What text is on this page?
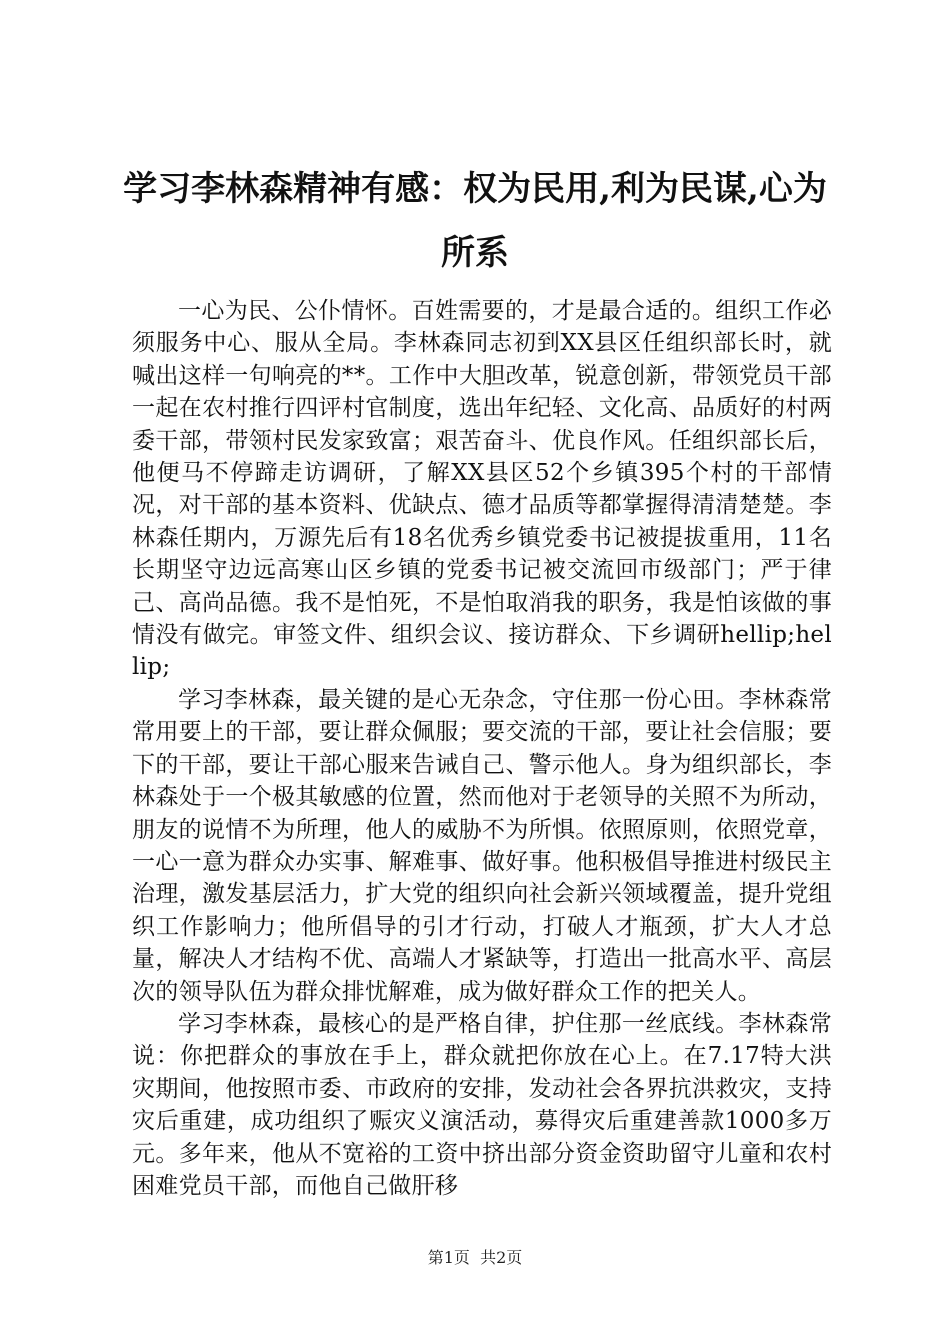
学习李林森精神有感：权为民用,利为民谋,心为所系

一心为民、公仆情怀。百姓需要的，才是最合适的。组织工作必须服务中心、服从全局。李林森同志初到XX县区任组织部长时，就喊出这样一句响亮的**。工作中大胆改革，锐意创新，带领党员干部一起在农村推行四评村官制度，选出年纪轻、文化高、品质好的村两委干部，带领村民发家致富；艰苦奋斗、优良作风。任组织部长后，他便马不停蹄走访调研，了解XX县区52个乡镇395个村的干部情况，对干部的基本资料、优缺点、德才品质等都掌握得清清楚楚。李林森任期内，万源先后有18名优秀乡镇党委书记被提拔重用，11名长期坚守边远高寒山区乡镇的党委书记被交流回市级部门；严于律己、高尚品德。我不是怕死，不是怕取消我的职务，我是怕该做的事情没有做完。审签文件、组织会议、接访群众、下乡调研hellip;hellip;

学习李林森，最关键的是心无杂念，守住那一份心田。李林森常常用要上的干部，要让群众佩服；要交流的干部，要让社会信服；要下的干部，要让干部心服来告诫自己、警示他人。身为组织部长，李林森处于一个极其敏感的位置，然而他对于老领导的关照不为所动，朋友的说情不为所理，他人的威胁不为所惧。依照原则，依照党章，一心一意为群众办实事、解难事、做好事。他积极倡导推进村级民主治理，激发基层活力，扩大党的组织向社会新兴领域覆盖，提升党组织工作影响力；他所倡导的引才行动，打破人才瓶颈，扩大人才总量，解决人才结构不优、高端人才紧缺等，打造出一批高水平、高层次的领导队伍为群众排忧解难，成为做好群众工作的把关人。

学习李林森，最核心的是严格自律，护住那一丝底线。李林森常说：你把群众的事放在手上，群众就把你放在心上。在7.17特大洪灾期间，他按照市委、市政府的安排，发动社会各界抗洪救灾，支持灾后重建，成功组织了赈灾义演活动，募得灾后重建善款1000多万元。多年来，他从不宽裕的工资中挤出部分资金资助留守儿童和农村困难党员干部，而他自己做肝移

第1页  共2页
